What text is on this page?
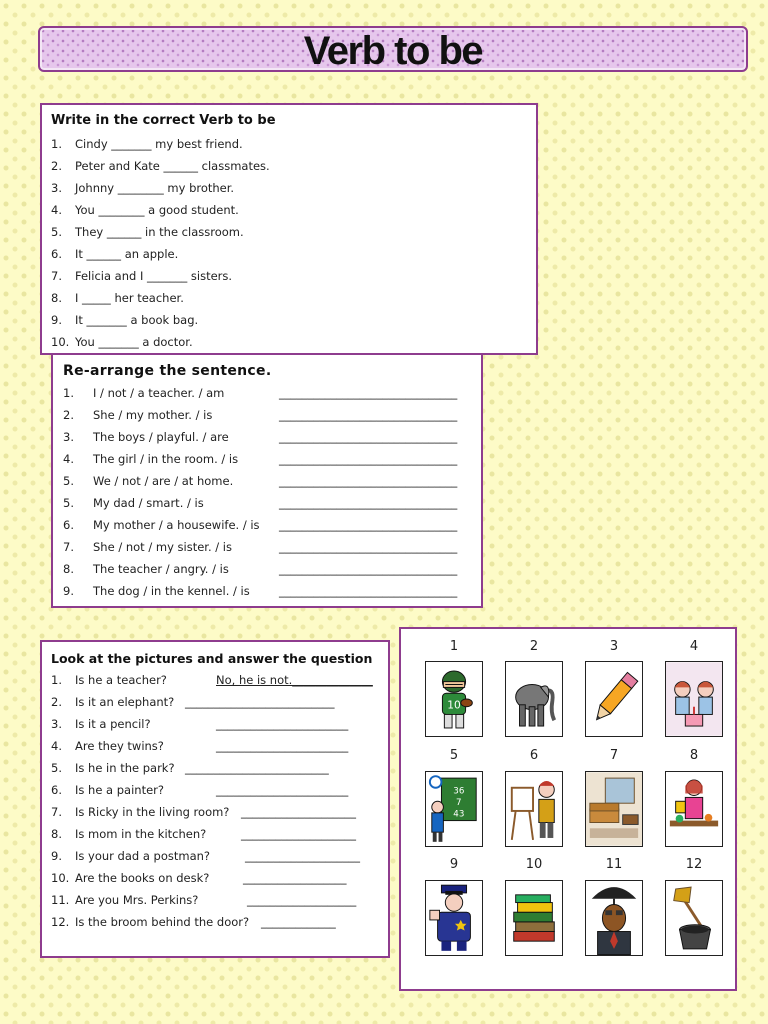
Verb to be
Write in the correct Verb to be
1. Cindy _______ my best friend.
2. Peter and Kate ______ classmates.
3. Johnny ________ my brother.
4. You ________ a good student.
5. They ______ in the classroom.
6. It ______ an apple.
7. Felicia and I _______ sisters.
8. I _____ her teacher.
9. It _______ a book bag.
10. You _______ a doctor.
Re-arrange the sentence.
1. I / not / a teacher. / am	_______________________________
2. She / my mother. / is	_______________________________
3. The boys / playful. / are	_______________________________
4. The girl / in the room. / is	_______________________________
5. We / not / are / at home.	_______________________________
5. My dad / smart. / is	_______________________________
6. My mother / a housewife. / is _______________________________
7. She / not / my sister. / is	_______________________________
8. The teacher / angry. / is	_______________________________
9. The dog / in the kennel. / is	_______________________________
Look at the pictures and answer the question
1. Is he a teacher?	No, he is not.______________
2. Is it an elephant? __________________________
3. Is it a pencil?	_______________________
4. Are they twins?	_______________________
5. Is he in the park? _________________________
6. Is he a painter?	_______________________
7. Is Ricky in the living room? ____________________
8. Is mom in the kitchen?	____________________
9. Is your dad a postman?	____________________
10. Are the books on desk?	__________________
11. Are you Mrs. Perkins?	___________________
12. Is the broom behind the door? _____________
1
10
2	3	4
5
36
7
43
6	7	8
9	10	11	12
